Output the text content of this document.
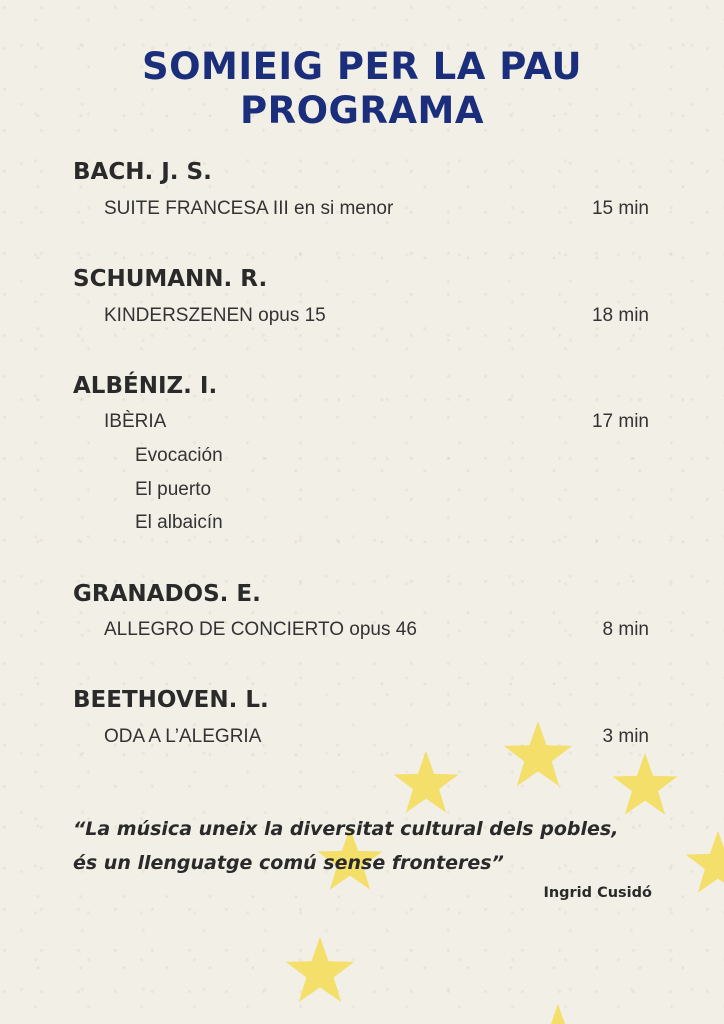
SOMIEIG PER LA PAU
PROGRAMA
BACH. J. S.
SUITE FRANCESA III en si menor	15 min
SCHUMANN. R.
KINDERSZENEN opus 15	18 min
ALBÉNIZ. I.
IBÈRIA	17 min
Evocación
El puerto
El albaicín
GRANADOS. E.
ALLEGRO DE CONCIERTO opus 46	8 min
BEETHOVEN. L.
ODA A L’ALEGRIA	3 min

“La música uneix la diversitat cultural dels pobles,

és un llenguatge comú sense fronteres”

Ingrid Cusidó
